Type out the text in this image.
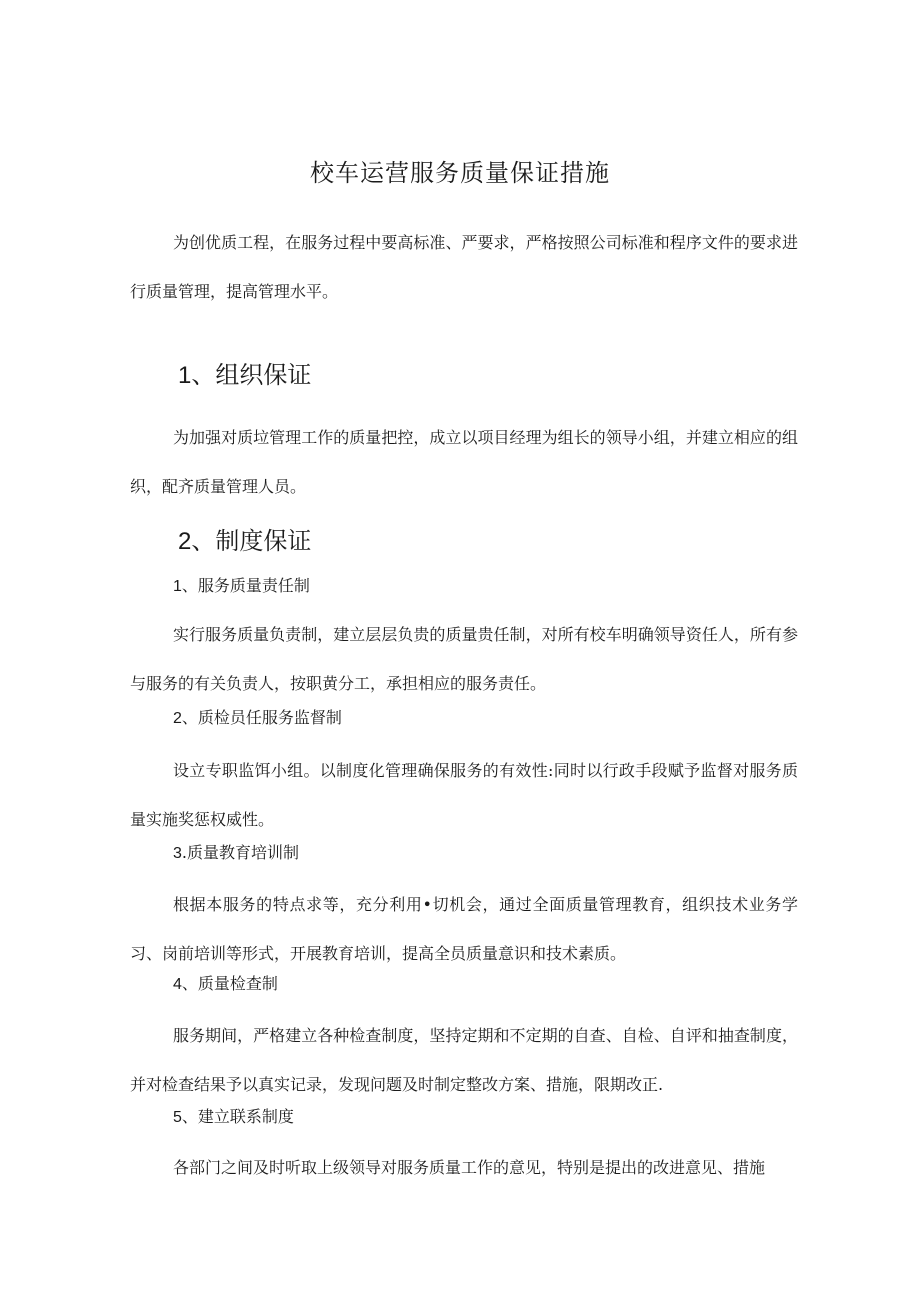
校车运营服务质量保证措施

为创优质工程，在服务过程中要高标准、严要求，严格按照公司标准和程序文件的要求进行质量管理，提高管理水平。

1、组织保证

为加强对质垃管理工作的质量把控，成立以项目经理为组长的领导小组，并建立相应的组织，配齐质量管理人员。

2、制度保证
1、服务质量责任制

实行服务质量负责制，建立层层负贵的质量贵任制，对所有校车明确领导资任人，所有参与服务的有关负责人，按职黄分工，承担相应的服务责任。

2、质检员任服务监督制

设立专职监饵小组。以制度化管理确保服务的有效性:同时以行政手段赋予监督对服务质量实施奖惩权威性。

3.质量教育培训制

根据本服务的特点求等，充分利用•切机会，通过全面质量管理教育，组织技术业务学习、岗前培训等形式，开展教育培训，提高全员质量意识和技术素质。

4、质量检查制

服务期间，严格建立各种检查制度，坚持定期和不定期的自查、自检、自评和抽查制度，并对检查结果予以真实记录，发现问题及时制定整改方案、措施，限期改正.

5、建立联系制度

各部门之间及时听取上级领导对服务质量工作的意见，特别是提出的改进意见、措施
